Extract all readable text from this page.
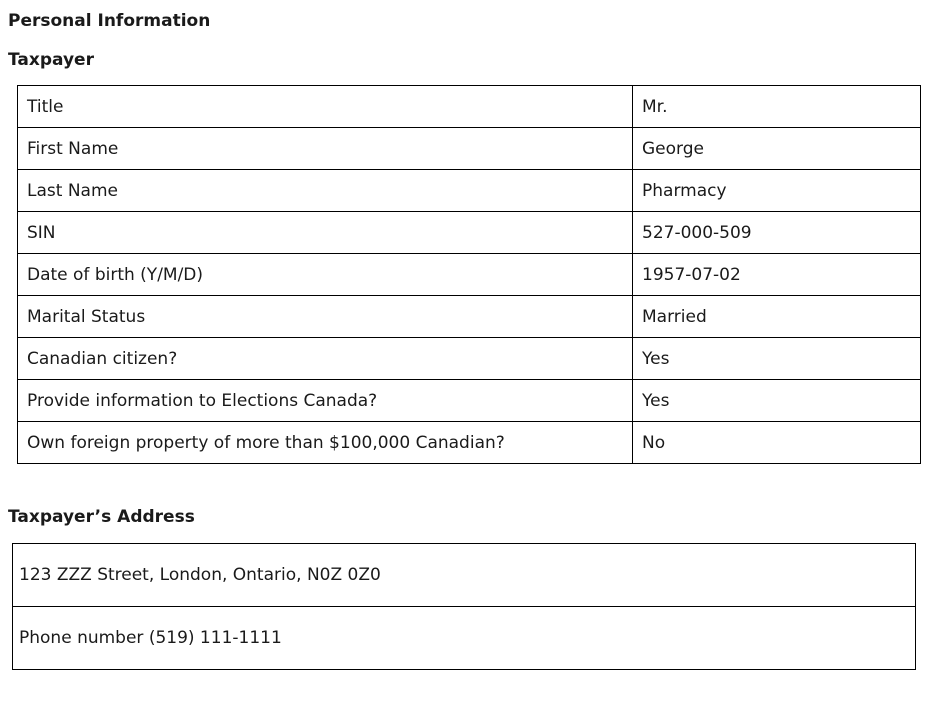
Personal Information
Taxpayer
Title	Mr.
First Name	George
Last Name	Pharmacy
SIN	527-000-509
Date of birth (Y/M/D)	1957-07-02
Marital Status	Married
Canadian citizen?	Yes
Provide information to Elections Canada?	Yes
Own foreign property of more than $100,000 Canadian?	No
Taxpayer’s Address
123 ZZZ Street, London, Ontario, N0Z 0Z0
Phone number (519) 111-1111
